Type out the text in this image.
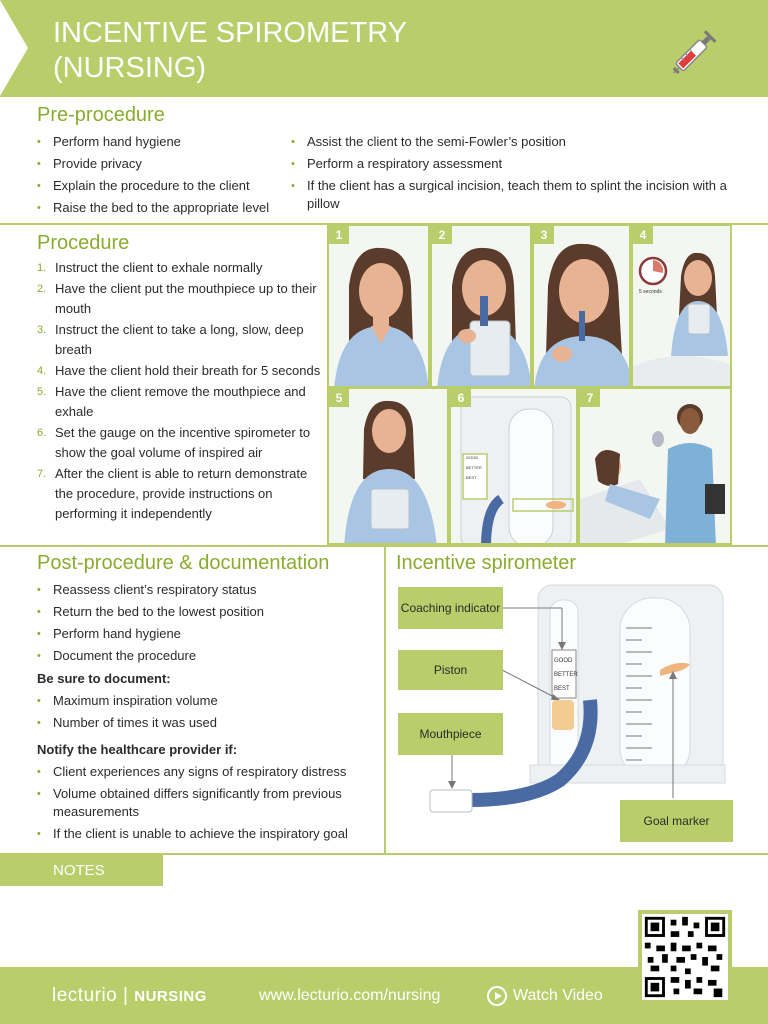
INCENTIVE SPIROMETRY
(NURSING)
Pre-procedure
• Perform hand hygiene
• Provide privacy
• Explain the procedure to the client
• Raise the bed to the appropriate level
• Assist the client to the semi-Fowler’s position
• Perform a respiratory assessment
• If the client has a surgical incision, teach them to splint the incision with a pillow
Procedure
1. Instruct the client to exhale normally
2. Have the client put the mouthpiece up to their mouth
3. Instruct the client to take a long, slow, deep breath
4. Have the client hold their breath for 5 seconds
5. Have the client remove the mouthpiece and exhale
6. Set the gauge on the incentive spirometer to show the goal volume of inspired air
7. After the client is able to return demonstrate the procedure, provide instructions on performing it independently
1	2	3	4
5 seconds
5	6
GOOD
BETTER
BEST
7
Post-procedure & documentation
• Reassess client’s respiratory status
• Return the bed to the lowest position
• Perform hand hygiene
• Document the procedure
Be sure to document:
• Maximum inspiration volume
• Number of times it was used
Notify the healthcare provider if:
• Client experiences any signs of respiratory distress
• Volume obtained differs significantly from previous measurements
• If the client is unable to achieve the inspiratory goal
Incentive spirometer
GOOD
BETTER
BEST
Coaching indicator
Piston
Mouthpiece
Goal marker
NOTES
lecturio | NURSING	www.lecturio.com/nursing	Watch Video
